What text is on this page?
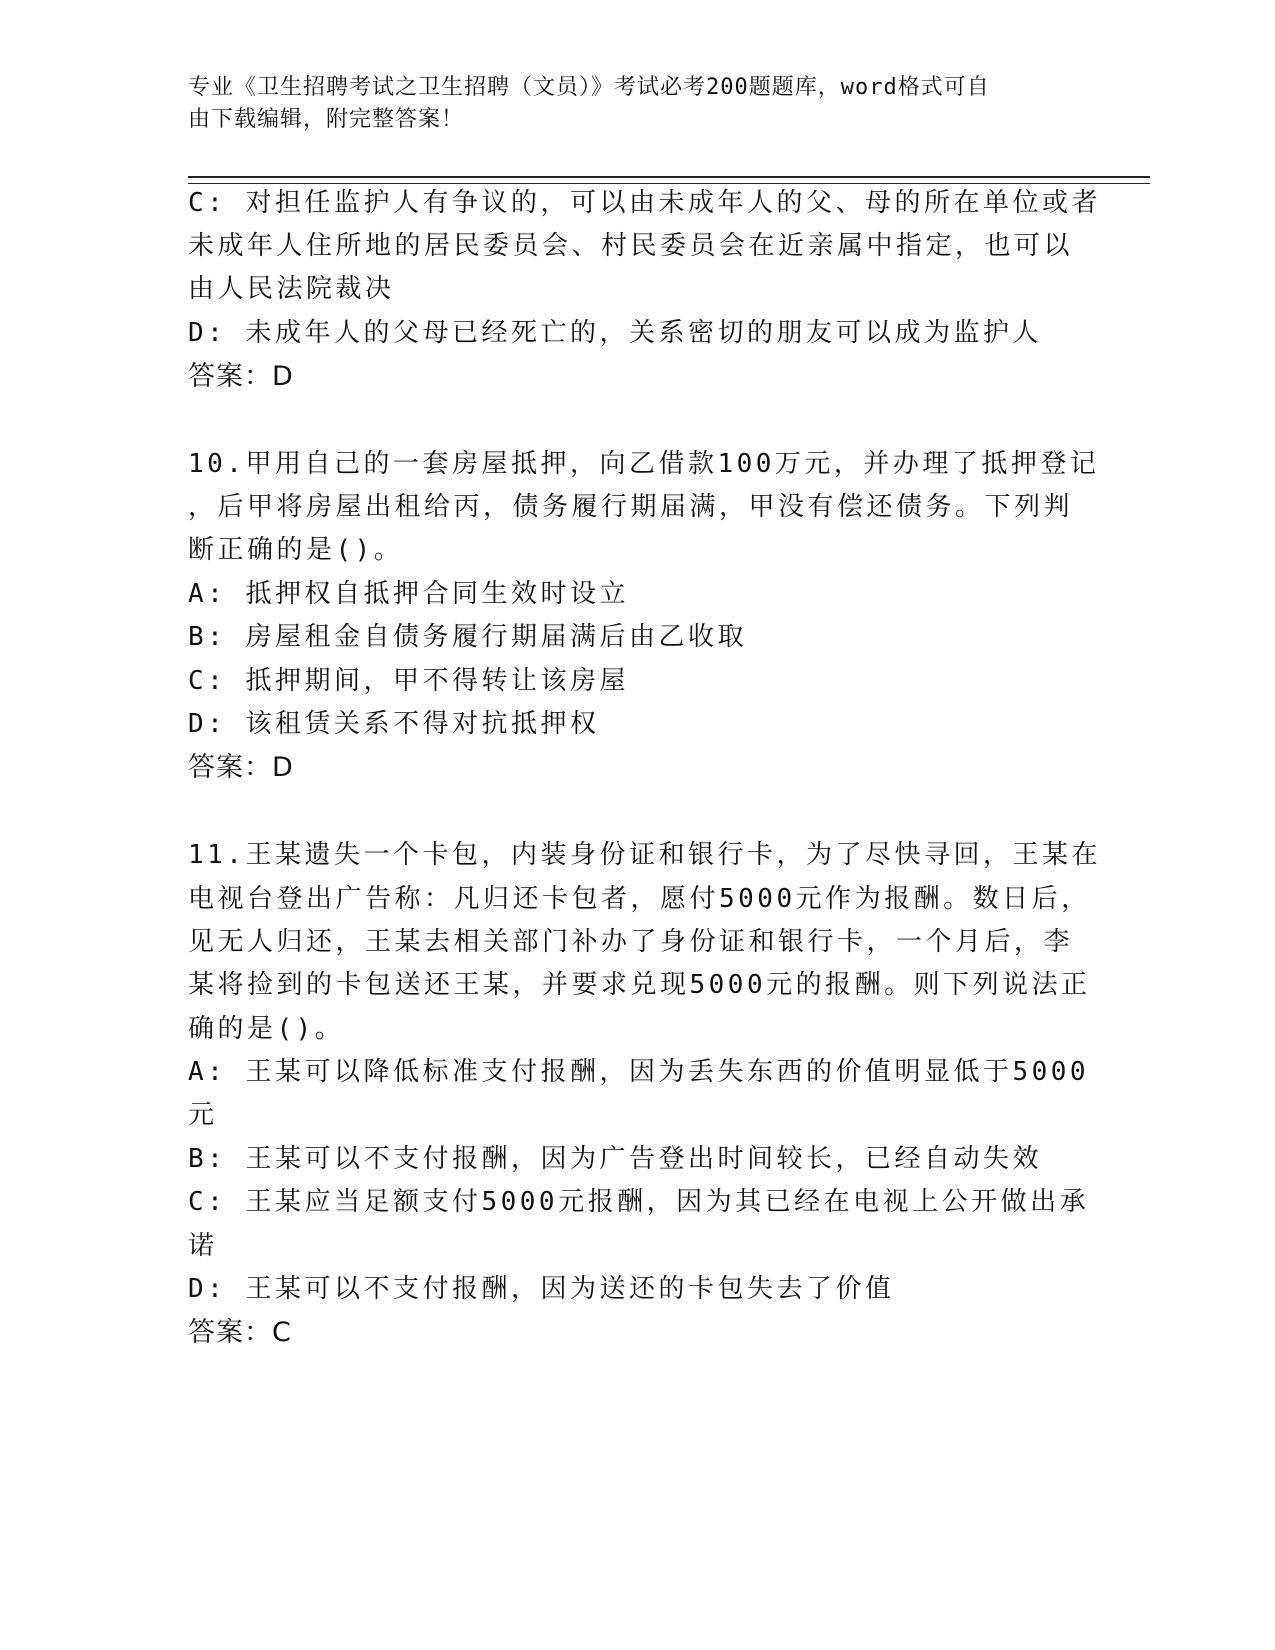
专业《卫生招聘考试之卫生招聘（文员）》考试必考200题题库，word格式可自
由下载编辑，附完整答案！
C: 对担任监护人有争议的，可以由未成年人的父、母的所在单位或者
未成年人住所地的居民委员会、村民委员会在近亲属中指定，也可以
由人民法院裁决
D: 未成年人的父母已经死亡的，关系密切的朋友可以成为监护人
答案：D
10.甲用自己的一套房屋抵押，向乙借款100万元，并办理了抵押登记
，后甲将房屋出租给丙，债务履行期届满，甲没有偿还债务。下列判
断正确的是()。
A: 抵押权自抵押合同生效时设立
B: 房屋租金自债务履行期届满后由乙收取
C: 抵押期间，甲不得转让该房屋
D: 该租赁关系不得对抗抵押权
答案：D
11.王某遗失一个卡包，内装身份证和银行卡，为了尽快寻回，王某在
电视台登出广告称：凡归还卡包者，愿付5000元作为报酬。数日后，
见无人归还，王某去相关部门补办了身份证和银行卡，一个月后，李
某将捡到的卡包送还王某，并要求兑现5000元的报酬。则下列说法正
确的是()。
A: 王某可以降低标准支付报酬，因为丢失东西的价值明显低于5000
元
B: 王某可以不支付报酬，因为广告登出时间较长，已经自动失效
C: 王某应当足额支付5000元报酬，因为其已经在电视上公开做出承
诺
D: 王某可以不支付报酬，因为送还的卡包失去了价值
答案：C
